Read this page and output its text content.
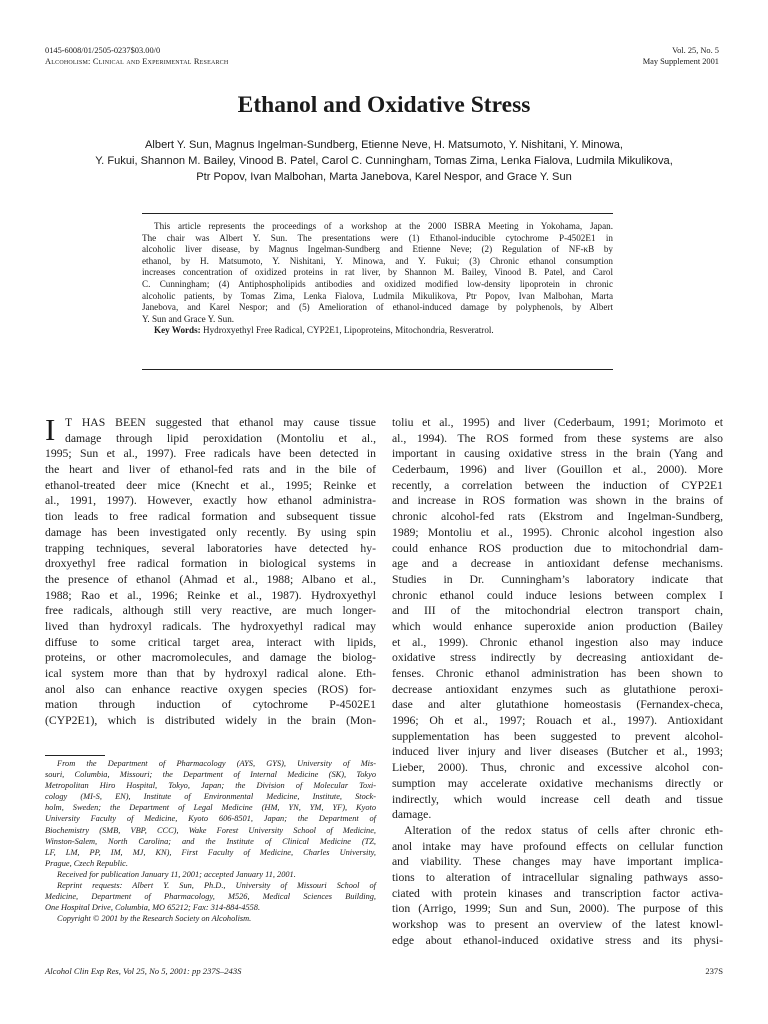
0145-6008/01/2505-0237$03.00/0
Alcoholism: Clinical and Experimental Research
Vol. 25, No. 5
May Supplement 2001
Ethanol and Oxidative Stress
Albert Y. Sun, Magnus Ingelman-Sundberg, Etienne Neve, H. Matsumoto, Y. Nishitani, Y. Minowa,
Y. Fukui, Shannon M. Bailey, Vinood B. Patel, Carol C. Cunningham, Tomas Zima, Lenka Fialova, Ludmila Mikulikova,
Ptr Popov, Ivan Malbohan, Marta Janebova, Karel Nespor, and Grace Y. Sun
This article represents the proceedings of a workshop at the 2000 ISBRA Meeting in Yokohama, Japan.
The chair was Albert Y. Sun. The presentations were (1) Ethanol-inducible cytochrome P-4502E1 in
alcoholic liver disease, by Magnus Ingelman-Sundberg and Etienne Neve; (2) Regulation of NF-κB by
ethanol, by H. Matsumoto, Y. Nishitani, Y. Minowa, and Y. Fukui; (3) Chronic ethanol consumption
increases concentration of oxidized proteins in rat liver, by Shannon M. Bailey, Vinood B. Patel, and Carol
C. Cunningham; (4) Antiphospholipids antibodies and oxidized modified low-density lipoprotein in chronic
alcoholic patients, by Tomas Zima, Lenka Fialova, Ludmila Mikulikova, Ptr Popov, Ivan Malbohan, Marta
Janebova, and Karel Nespor; and (5) Amelioration of ethanol-induced damage by polyphenols, by Albert
Y. Sun and Grace Y. Sun.
Key Words: Hydroxyethyl Free Radical, CYP2E1, Lipoproteins, Mitochondria, Resveratrol.
I T HAS BEEN suggested that ethanol may cause tissue
damage through lipid peroxidation (Montoliu et al.,
1995; Sun et al., 1997). Free radicals have been detected in
the heart and liver of ethanol-fed rats and in the bile of
ethanol-treated deer mice (Knecht et al., 1995; Reinke et
al., 1991, 1997). However, exactly how ethanol administra-
tion leads to free radical formation and subsequent tissue
damage has been investigated only recently. By using spin
trapping techniques, several laboratories have detected hy-
droxyethyl free radical formation in biological systems in
the presence of ethanol (Ahmad et al., 1988; Albano et al.,
1988; Rao et al., 1996; Reinke et al., 1987). Hydroxyethyl
free radicals, although still very reactive, are much longer-
lived than hydroxyl radicals. The hydroxyethyl radical may
diffuse to some critical target area, interact with lipids,
proteins, or other macromolecules, and damage the biolog-
ical system more than that by hydroxyl radical alone. Eth-
anol also can enhance reactive oxygen species (ROS) for-
mation through induction of cytochrome P-4502E1
(CYP2E1), which is distributed widely in the brain (Mon-
From the Department of Pharmacology (AYS, GYS), University of Mis-
souri, Columbia, Missouri; the Department of Internal Medicine (SK), Tokyo
Metropolitan Hiro Hospital, Tokyo, Japan; the Division of Molecular Toxi-
cology (MI-S, EN), Institute of Environmental Medicine, Institute, Stock-
holm, Sweden; the Department of Legal Medicine (HM, YN, YM, YF), Kyoto
University Faculty of Medicine, Kyoto 606-8501, Japan; the Department of
Biochemistry (SMB, VBP, CCC), Wake Forest University School of Medicine,
Winston-Salem, North Carolina; and the Institute of Clinical Medicine (TZ,
LF, LM, PP, IM, MJ, KN), First Faculty of Medicine, Charles University,
Prague, Czech Republic.
Received for publication January 11, 2001; accepted January 11, 2001.
Reprint requests: Albert Y. Sun, Ph.D., University of Missouri School of
Medicine, Department of Pharmacology, M526, Medical Sciences Building,
One Hospital Drive, Columbia, MO 65212; Fax: 314-884-4558.
Copyright © 2001 by the Research Society on Alcoholism.
toliu et al., 1995) and liver (Cederbaum, 1991; Morimoto et
al., 1994). The ROS formed from these systems are also
important in causing oxidative stress in the brain (Yang and
Cederbaum, 1996) and liver (Gouillon et al., 2000). More
recently, a correlation between the induction of CYP2E1
and increase in ROS formation was shown in the brains of
chronic alcohol-fed rats (Ekstrom and Ingelman-Sundberg,
1989; Montoliu et al., 1995). Chronic alcohol ingestion also
could enhance ROS production due to mitochondrial dam-
age and a decrease in antioxidant defense mechanisms.
Studies in Dr. Cunningham’s laboratory indicate that
chronic ethanol could induce lesions between complex I
and III of the mitochondrial electron transport chain,
which would enhance superoxide anion production (Bailey
et al., 1999). Chronic ethanol ingestion also may induce
oxidative stress indirectly by decreasing antioxidant de-
fenses. Chronic ethanol administration has been shown to
decrease antioxidant enzymes such as glutathione peroxi-
dase and alter glutathione homeostasis (Fernandex-checa,
1996; Oh et al., 1997; Rouach et al., 1997). Antioxidant
supplementation has been suggested to prevent alcohol-
induced liver injury and liver diseases (Butcher et al., 1993;
Lieber, 2000). Thus, chronic and excessive alcohol con-
sumption may accelerate oxidative mechanisms directly or
indirectly, which would increase cell death and tissue
damage.
Alteration of the redox status of cells after chronic eth-
anol intake may have profound effects on cellular function
and viability. These changes may have important implica-
tions to alteration of intracellular signaling pathways asso-
ciated with protein kinases and transcription factor activa-
tion (Arrigo, 1999; Sun and Sun, 2000). The purpose of this
workshop was to present an overview of the latest knowl-
edge about ethanol-induced oxidative stress and its physi-
Alcohol Clin Exp Res, Vol 25, No 5, 2001: pp 237S–243S	237S
